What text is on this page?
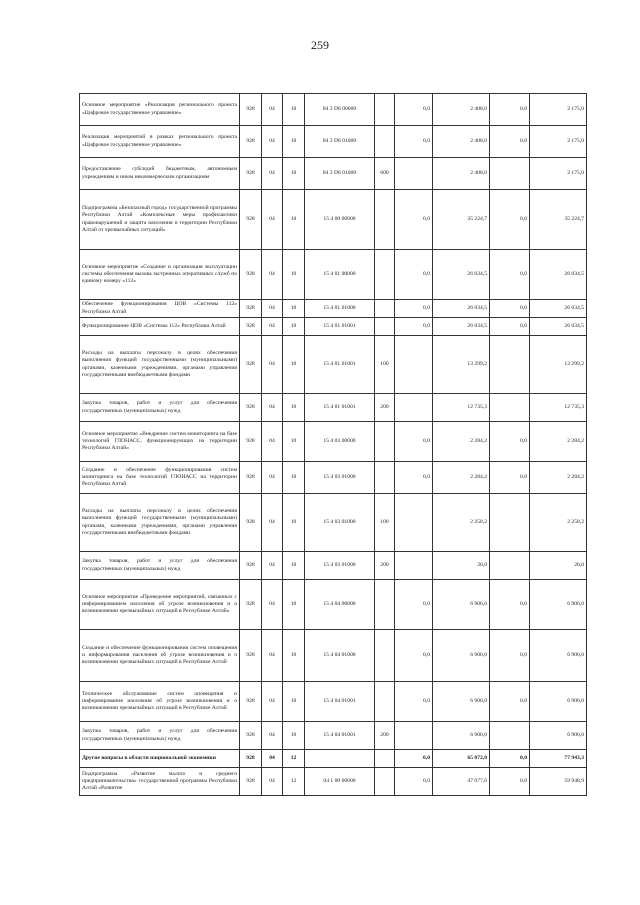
259
Основное мероприятие «Реализация регионального проекта «Цифровое государственное управление»	928	04	10	04 3 D6 00000		0,0	2 408,0	0,0	2 175,0
Реализация мероприятий в рамках регионального проекта «Цифровое государственное управление»	928	04	10	04 3 D6 01000		0,0	2 408,0	0,0	2 175,0
Предоставление субсидий бюджетным, автономным учреждениям и иным некоммерческим организациям	928	04	10	04 3 D6 01000	600		2 408,0		2 175,0
Подпрограмма «Безопасный город» государственной программы Республики Алтай «Комплексные меры профилактики правонарушений и защита населения и территории Республики Алтай от чрезвычайных ситуаций»	928	04	10	15 4 00 00000		0,0	35 224,7	0,0	35 224,7
Основное мероприятие «Создание и организация эксплуатации системы обеспечения вызова экстренных оперативных служб по единому номеру «112»	928	04	10	15 4 01 00000		0,0	26 034,5	0,0	26 034,5
Обеспечение функционирования ЦОВ «Системы 112» Республики Алтай	928	04	10	15 4 01 01000		0,0	26 034,5	0,0	26 034,5
Функционирование ЦОВ «Системы 112» Республики Алтай	928	04	10	15 4 01 01001		0,0	26 034,5	0,0	26 034,5
Расходы на выплаты персоналу в целях обеспечения выполнения функций государственными (муниципальными) органами, казенными учреждениями, органами управления государственными внебюджетными фондами	928	04	10	15 4 01 01001	100		13 299,2		13 299,2
Закупка товаров, работ и услуг для обеспечения государственных (муниципальных) нужд	928	04	10	15 4 01 01001	200		12 735,3		12 735,3
Основное мероприятие «Внедрение систем мониторинга на базе технологий ГЛОНАСС, функционирующих на территории Республики Алтай»	928	04	10	15 4 03 00000		0,0	2 284,2	0,0	2 284,2
Создание и обеспечение функционирования систем мониторинга на базе технологий ГЛОНАСС на территории Республики Алтай	928	04	10	15 4 03 01000		0,0	2 284,2	0,0	2 284,2
Расходы на выплаты персоналу в целях обеспечения выполнения функций государственными (муниципальными) органами, казенными учреждениями, органами управления государственными внебюджетными фондами	928	04	10	15 4 03 01000	100		2 258,2		2 258,2
Закупка товаров, работ и услуг для обеспечения государственных (муниципальных) нужд	928	04	10	15 4 03 01000	200		26,0		26,0
Основное мероприятие «Проведение мероприятий, связанных с информированием населения об угрозе возникновения и о возникновении чрезвычайных ситуаций в Республике Алтай»	928	04	10	15 4 04 00000		0,0	6 906,0	0,0	6 906,0
Создание и обеспечение функционирования систем оповещения и информирования населения об угрозе возникновения и о возникновении чрезвычайных ситуаций в Республике Алтай	928	04	10	15 4 04 01000		0,0	6 906,0	0,0	6 906,0
Техническое обслуживание систем оповещения и информирования населения об угрозе возникновения и о возникновении чрезвычайных ситуаций в Республике Алтай	928	04	10	15 4 04 01001		0,0	6 906,0	0,0	6 906,0
Закупка товаров, работ и услуг для обеспечения государственных (муниципальных) нужд	928	04	10	15 4 04 01001	200		6 906,0		6 906,0
Другие вопросы в области национальной экономики	928	04	12			0,0	65 072,0	0,0	77 943,3
Подпрограмма «Развитие малого и среднего предпринимательства» государственной программы Республики Алтай «Развитие	928	04	12	04 1 00 00000		0,0	47 077,6	0,0	59 948,9
